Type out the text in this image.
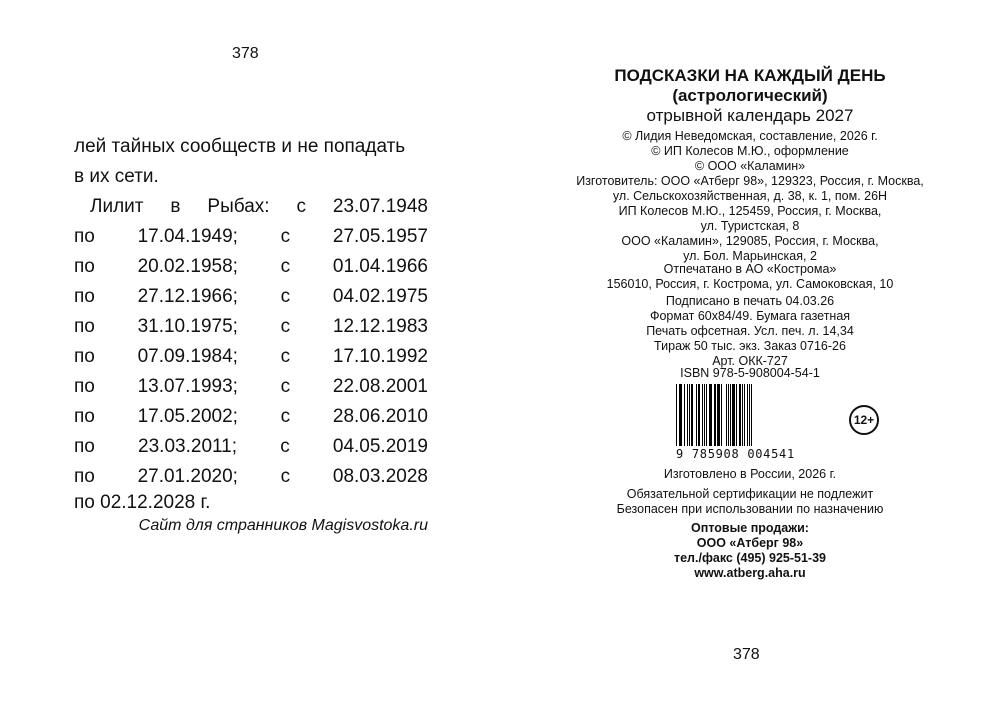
378
лей тайных сообществ и не попадать
в их сети.
Лилит в Рыбах: с 23.07.1948
по 17.04.1949; с 27.05.1957
по 20.02.1958; с 01.04.1966
по 27.12.1966; с 04.02.1975
по 31.10.1975; с 12.12.1983
по 07.09.1984; с 17.10.1992
по 13.07.1993; с 22.08.2001
по 17.05.2002; с 28.06.2010
по 23.03.2011; с 04.05.2019
по 27.01.2020; с 08.03.2028
по 02.12.2028 г.
Сайт для странников Magisvostoka.ru
ПОДСКАЗКИ НА КАЖДЫЙ ДЕНЬ
(астрологический)
отрывной календарь 2027
© Лидия Неведомская, составление, 2026 г.
© ИП Колесов М.Ю., оформление
© ООО «Каламин»
Изготовитель: ООО «Атберг 98», 129323, Россия, г. Москва,
ул. Сельскохозяйственная, д. 38, к. 1, пом. 26Н
ИП Колесов М.Ю., 125459, Россия, г. Москва,
ул. Туристская, 8
ООО «Каламин», 129085, Россия, г. Москва,
ул. Бол. Марьинская, 2
Отпечатано в АО «Кострома»
156010, Россия, г. Кострома, ул. Самоковская, 10
Подписано в печать 04.03.26
Формат 60x84/49. Бумага газетная
Печать офсетная. Усл. печ. л. 14,34
Тираж 50 тыс. экз. Заказ 0716-26
Арт. ОКК-727
ISBN 978-5-908004-54-1
9 785908 004541
12+
Изготовлено в России, 2026 г.
Обязательной сертификации не подлежит
Безопасен при использовании по назначению
Оптовые продажи:
ООО «Атберг 98»
тел./факс (495) 925-51-39
www.atberg.aha.ru
378
